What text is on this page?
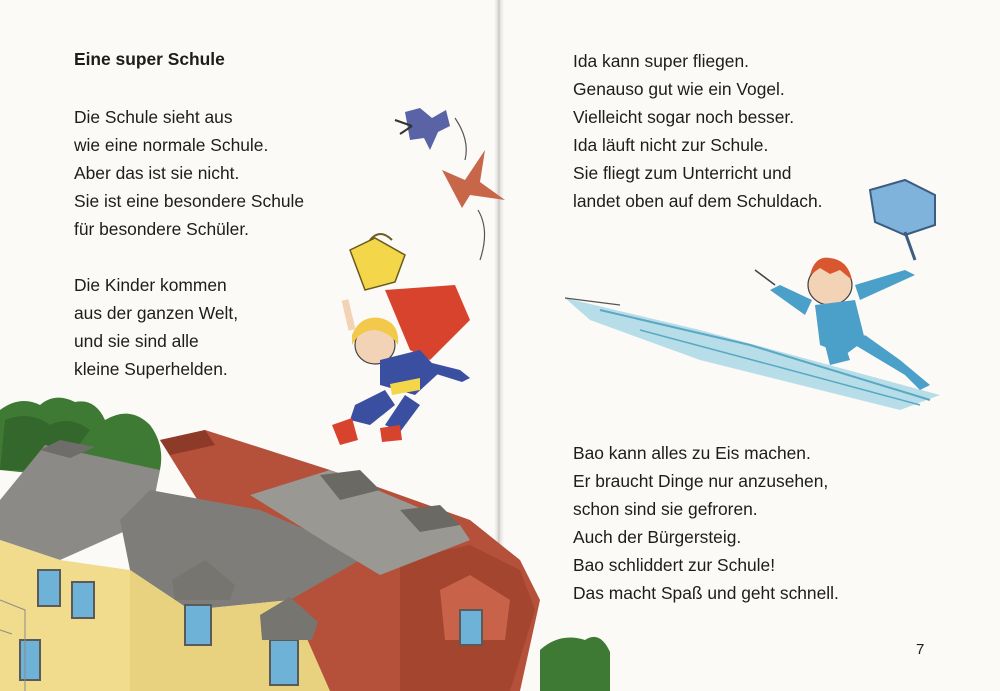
Eine super Schule
Die Schule sieht aus
wie eine normale Schule.
Aber das ist sie nicht.
Sie ist eine besondere Schule
für besondere Schüler.
Die Kinder kommen
aus der ganzen Welt,
und sie sind alle
kleine Superhelden.
Ida kann super fliegen.
Genauso gut wie ein Vogel.
Vielleicht sogar noch besser.
Ida läuft nicht zur Schule.
Sie fliegt zum Unterricht und
landet oben auf dem Schuldach.
Bao kann alles zu Eis machen.
Er braucht Dinge nur anzusehen,
schon sind sie gefroren.
Auch der Bürgersteig.
Bao schliddert zur Schule!
Das macht Spaß und geht schnell.
7
